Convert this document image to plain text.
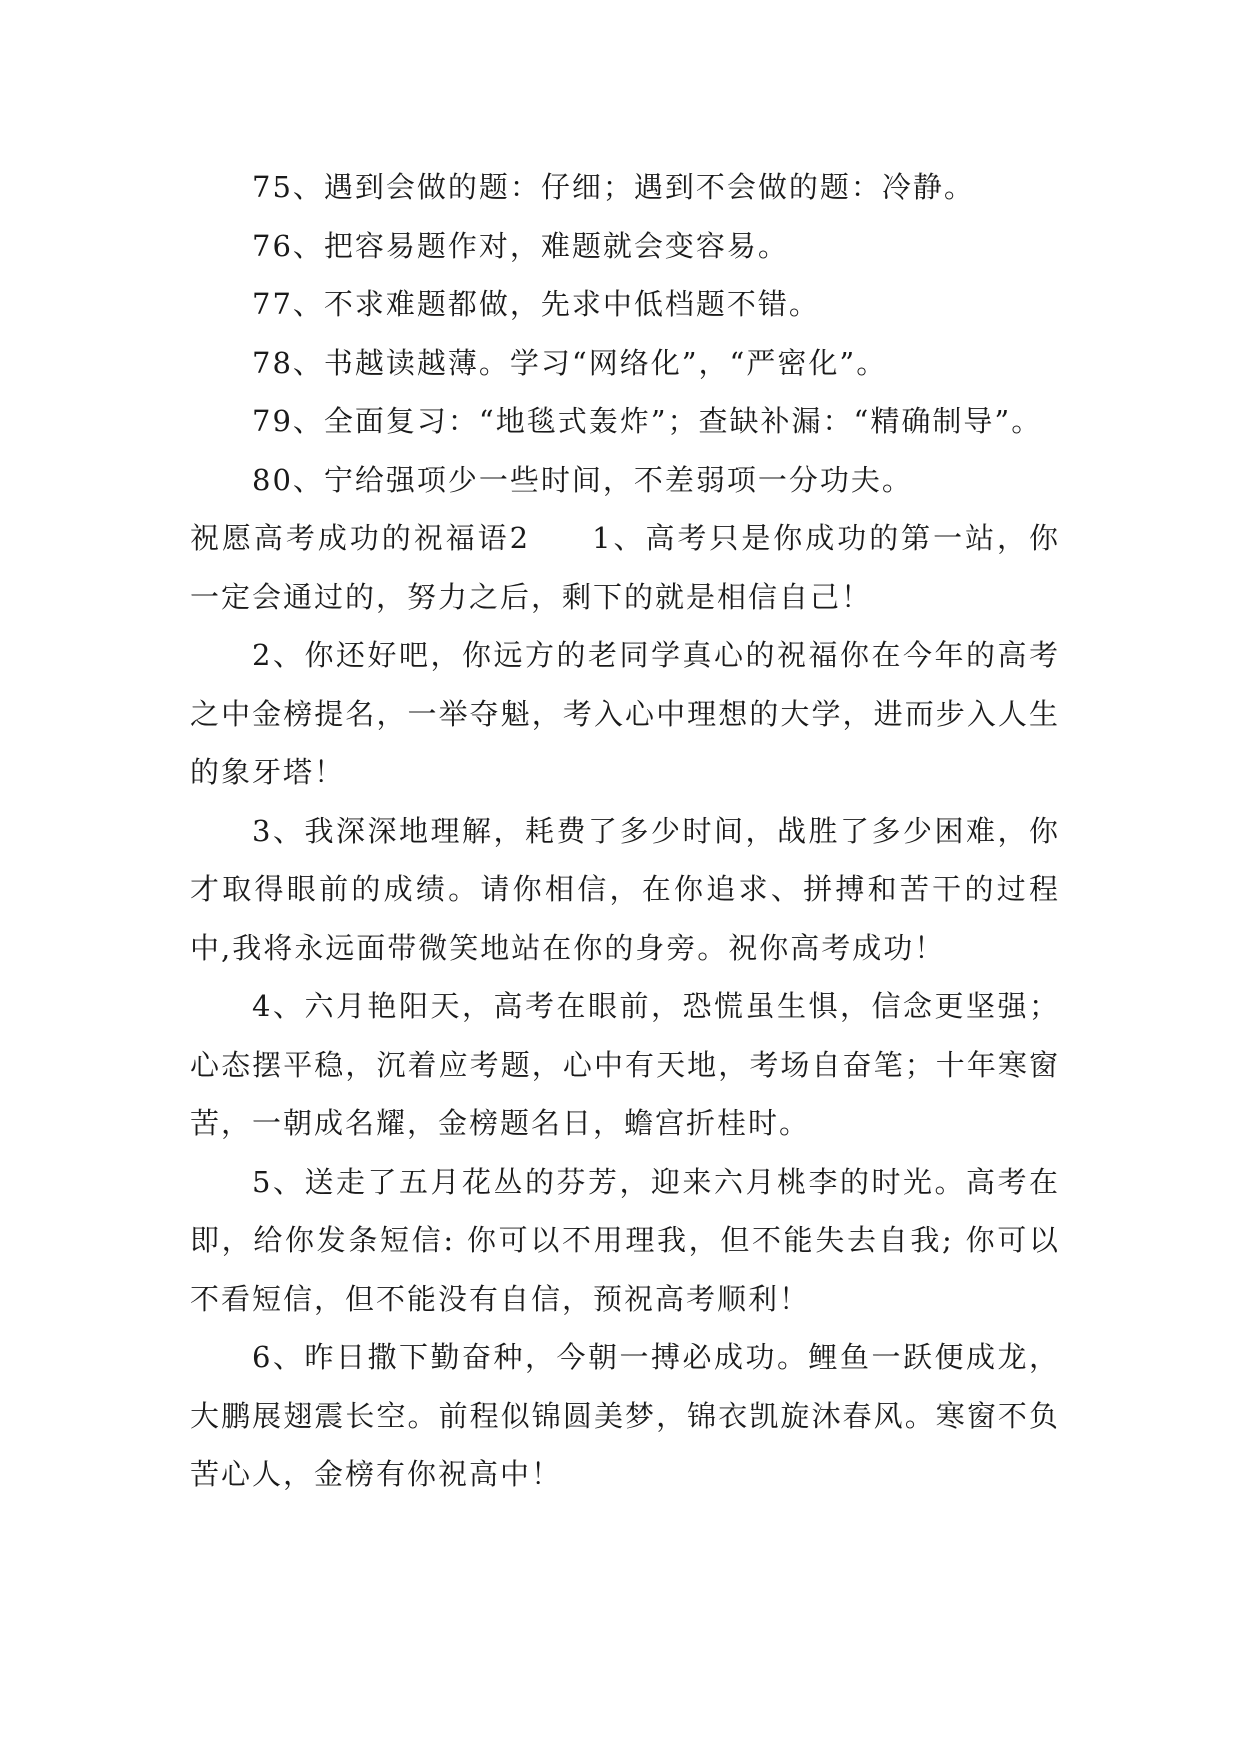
75、遇到会做的题：仔细；遇到不会做的题：冷静。

76、把容易题作对，难题就会变容易。

77、不求难题都做，先求中低档题不错。

78、书越读越薄。学习“网络化”，“严密化”。

79、全面复习：“地毯式轰炸”；查缺补漏：“精确制导”。

80、宁给强项少一些时间，不差弱项一分功夫。

祝愿高考成功的祝福语2 1、高考只是你成功的第一站，你一定会通过的，努力之后，剩下的就是相信自己！

2、你还好吧，你远方的老同学真心的祝福你在今年的高考之中金榜提名，一举夺魁，考入心中理想的大学，进而步入人生的象牙塔！

3、我深深地理解，耗费了多少时间，战胜了多少困难，你才取得眼前的成绩。请你相信，在你追求、拼搏和苦干的过程中,我将永远面带微笑地站在你的身旁。祝你高考成功！

4、六月艳阳天，高考在眼前，恐慌虽生惧，信念更坚强；心态摆平稳，沉着应考题，心中有天地，考场自奋笔；十年寒窗苦，一朝成名耀，金榜题名日，蟾宫折桂时。

5、送走了五月花丛的芬芳，迎来六月桃李的时光。高考在即，给你发条短信: 你可以不用理我，但不能失去自我; 你可以不看短信，但不能没有自信，预祝高考顺利！

6、昨日撒下勤奋种，今朝一搏必成功。鲤鱼一跃便成龙，大鹏展翅震长空。前程似锦圆美梦，锦衣凯旋沐春风。寒窗不负苦心人，金榜有你祝高中！
